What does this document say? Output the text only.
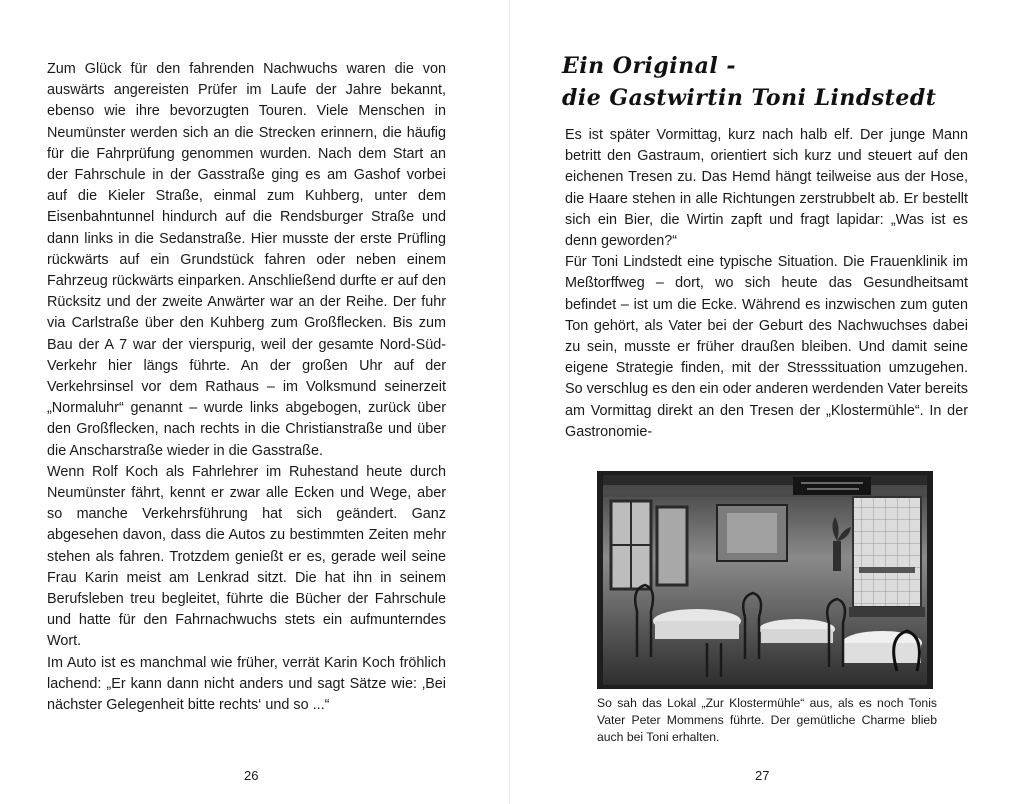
Zum Glück für den fahrenden Nachwuchs waren die von auswärts angereisten Prüfer im Laufe der Jahre bekannt, ebenso wie ihre bevorzugten Touren. Viele Menschen in Neumünster werden sich an die Strecken erinnern, die häufig für die Fahrprüfung genommen wurden. Nach dem Start an der Fahrschule in der Gasstraße ging es am Gashof vorbei auf die Kieler Straße, einmal zum Kuhberg, unter dem Eisenbahntunnel hindurch auf die Rendsburger Straße und dann links in die Sedanstraße. Hier musste der erste Prüfling rückwärts auf ein Grundstück fahren oder neben einem Fahrzeug rückwärts einparken. Anschließend durfte er auf den Rücksitz und der zweite Anwärter war an der Reihe. Der fuhr via Carlstraße über den Kuhberg zum Großflecken. Bis zum Bau der A 7 war der vierspurig, weil der gesamte Nord-Süd-Verkehr hier längs führte. An der großen Uhr auf der Verkehrsinsel vor dem Rathaus – im Volksmund seinerzeit „Normaluhr“ genannt – wurde links abgebogen, zurück über den Großflecken, nach rechts in die Christianstraße und über die Anscharstraße wieder in die Gasstraße.

Wenn Rolf Koch als Fahrlehrer im Ruhestand heute durch Neumünster fährt, kennt er zwar alle Ecken und Wege, aber so manche Verkehrsführung hat sich geändert. Ganz abgesehen davon, dass die Autos zu bestimmten Zeiten mehr stehen als fahren. Trotzdem genießt er es, gerade weil seine Frau Karin meist am Lenkrad sitzt. Die hat ihn in seinem Berufsleben treu begleitet, führte die Bücher der Fahrschule und hatte für den Fahrnachwuchs stets ein aufmunterndes Wort.

Im Auto ist es manchmal wie früher, verrät Karin Koch fröhlich lachend: „Er kann dann nicht anders und sagt Sätze wie: ‚Bei nächster Gelegenheit bitte rechts‘ und so ...“

26
Ein Original -
die Gastwirtin Toni Lindstedt

Es ist später Vormittag, kurz nach halb elf. Der junge Mann betritt den Gastraum, orientiert sich kurz und steuert auf den eichenen Tresen zu. Das Hemd hängt teilweise aus der Hose, die Haare stehen in alle Richtungen zerstrubbelt ab. Er bestellt sich ein Bier, die Wirtin zapft und fragt lapidar: „Was ist es denn geworden?“

Für Toni Lindstedt eine typische Situation. Die Frauenklinik im Meßtorffweg – dort, wo sich heute das Gesundheitsamt befindet – ist um die Ecke. Während es inzwischen zum guten Ton gehört, als Vater bei der Geburt des Nachwuchses dabei zu sein, musste er früher draußen bleiben. Und damit seine eigene Strategie finden, mit der Stresssituation umzugehen. So verschlug es den ein oder anderen werdenden Vater bereits am Vormittag direkt an den Tresen der „Klostermühle“. In der Gastronomie-

So sah das Lokal „Zur Klostermühle“ aus, als es noch Tonis Vater Peter Mommens führte. Der gemütliche Charme blieb auch bei Toni erhalten.
27
